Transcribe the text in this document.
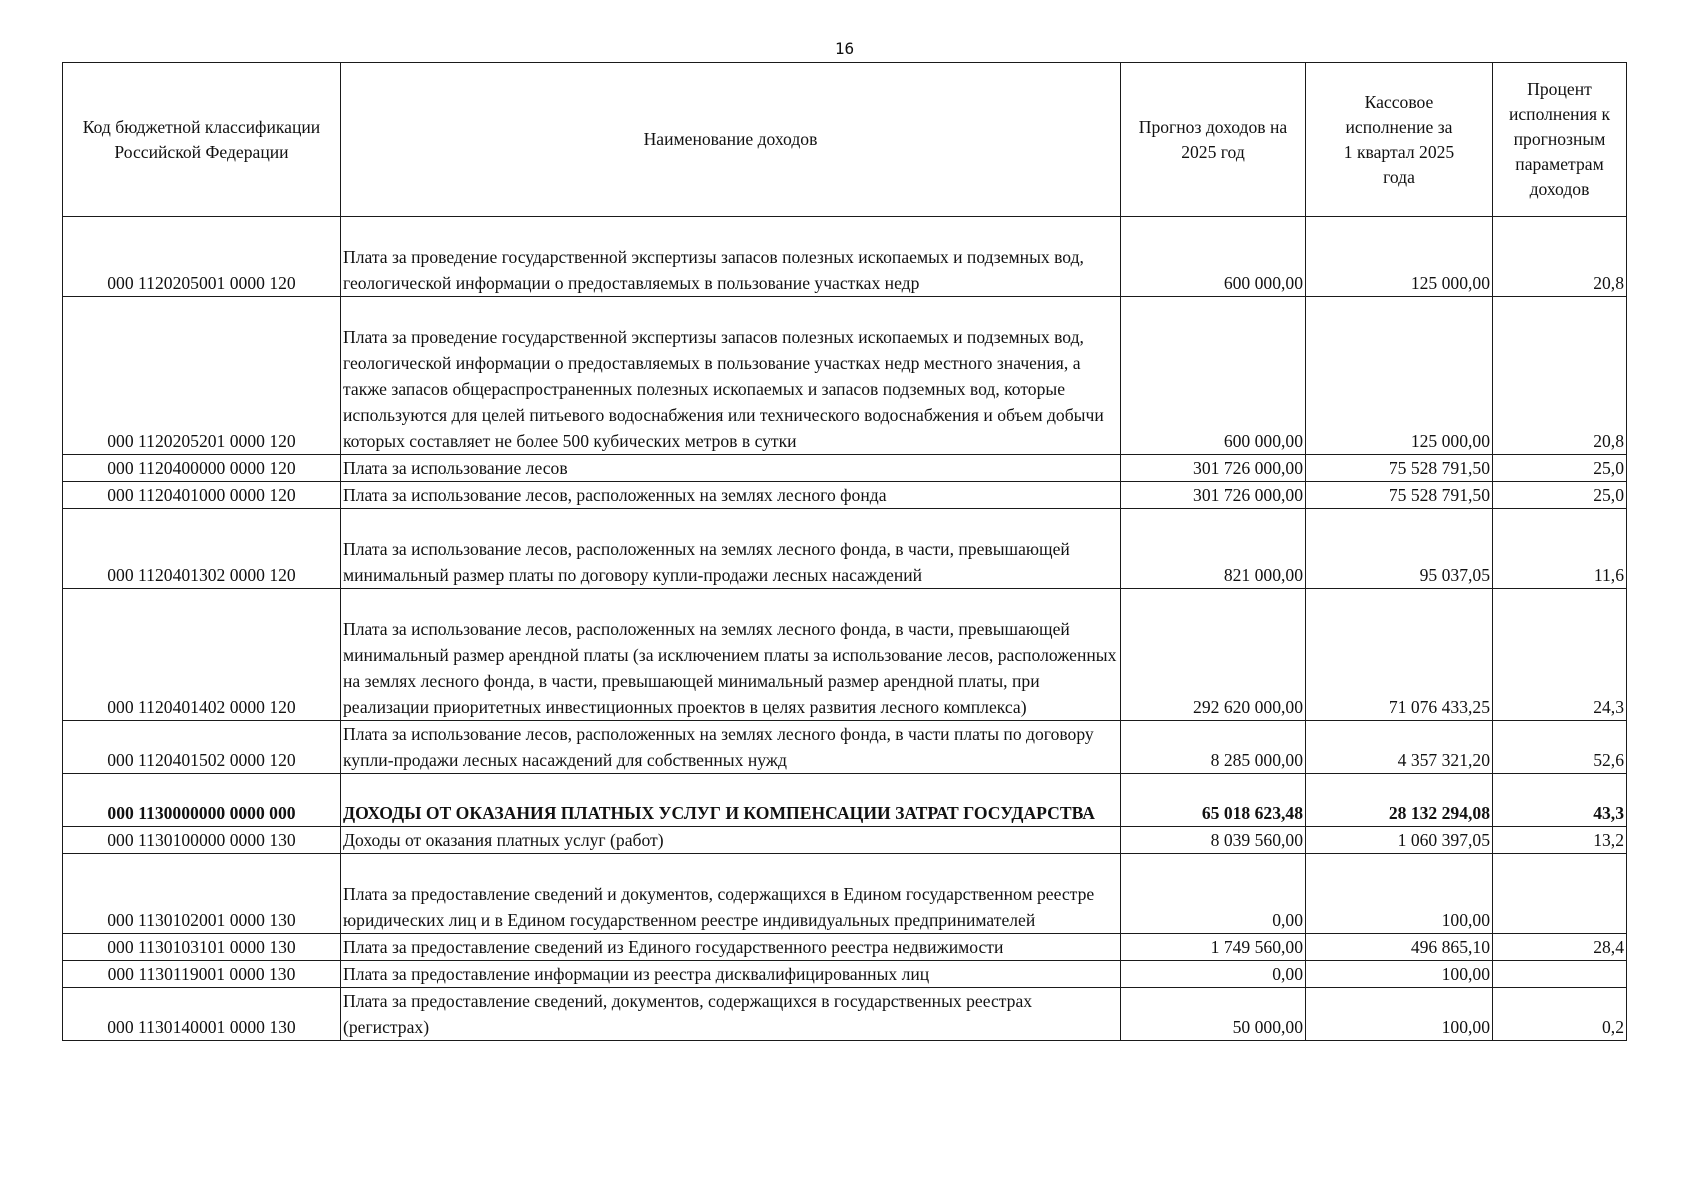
16
Код бюджетной классификации Российской Федерации	Наименование доходов	Прогноз доходов на 2025 год	Кассовое исполнение за 1 квартал 2025 года	Процент исполнения к прогнозным параметрам доходов
000 1120205001 0000 120	Плата за проведение государственной экспертизы запасов полезных ископаемых и подземных вод, геологической информации о предоставляемых в пользование участках недр	600 000,00	125 000,00	20,8
000 1120205201 0000 120	Плата за проведение государственной экспертизы запасов полезных ископаемых и подземных вод, геологической информации о предоставляемых в пользование участках недр местного значения, а также запасов общераспространенных полезных ископаемых и запасов подземных вод, которые используются для целей питьевого водоснабжения или технического водоснабжения и объем добычи которых составляет не более 500 кубических метров в сутки	600 000,00	125 000,00	20,8
000 1120400000 0000 120	Плата за использование лесов	301 726 000,00	75 528 791,50	25,0
000 1120401000 0000 120	Плата за использование лесов, расположенных на землях лесного фонда	301 726 000,00	75 528 791,50	25,0
000 1120401302 0000 120	Плата за использование лесов, расположенных на землях лесного фонда, в части, превышающей минимальный размер платы по договору купли-продажи лесных насаждений	821 000,00	95 037,05	11,6
000 1120401402 0000 120	Плата за использование лесов, расположенных на землях лесного фонда, в части, превышающей минимальный размер арендной платы (за исключением платы за использование лесов, расположенных на землях лесного фонда, в части, превышающей минимальный размер арендной платы, при реализации приоритетных инвестиционных проектов в целях развития лесного комплекса)	292 620 000,00	71 076 433,25	24,3
000 1120401502 0000 120	Плата за использование лесов, расположенных на землях лесного фонда, в части платы по договору купли-продажи лесных насаждений для собственных нужд	8 285 000,00	4 357 321,20	52,6
000 1130000000 0000 000	ДОХОДЫ ОТ ОКАЗАНИЯ ПЛАТНЫХ УСЛУГ И КОМПЕНСАЦИИ ЗАТРАТ ГОСУДАРСТВА	65 018 623,48	28 132 294,08	43,3
000 1130100000 0000 130	Доходы от оказания платных услуг (работ)	8 039 560,00	1 060 397,05	13,2
000 1130102001 0000 130	Плата за предоставление сведений и документов, содержащихся в Едином государственном реестре юридических лиц и в Едином государственном реестре индивидуальных предпринимателей	0,00	100,00	
000 1130103101 0000 130	Плата за предоставление сведений из Единого государственного реестра недвижимости	1 749 560,00	496 865,10	28,4
000 1130119001 0000 130	Плата за предоставление информации из реестра дисквалифицированных лиц	0,00	100,00	
000 1130140001 0000 130	Плата за предоставление сведений, документов, содержащихся в государственных реестрах (регистрах)	50 000,00	100,00	0,2
